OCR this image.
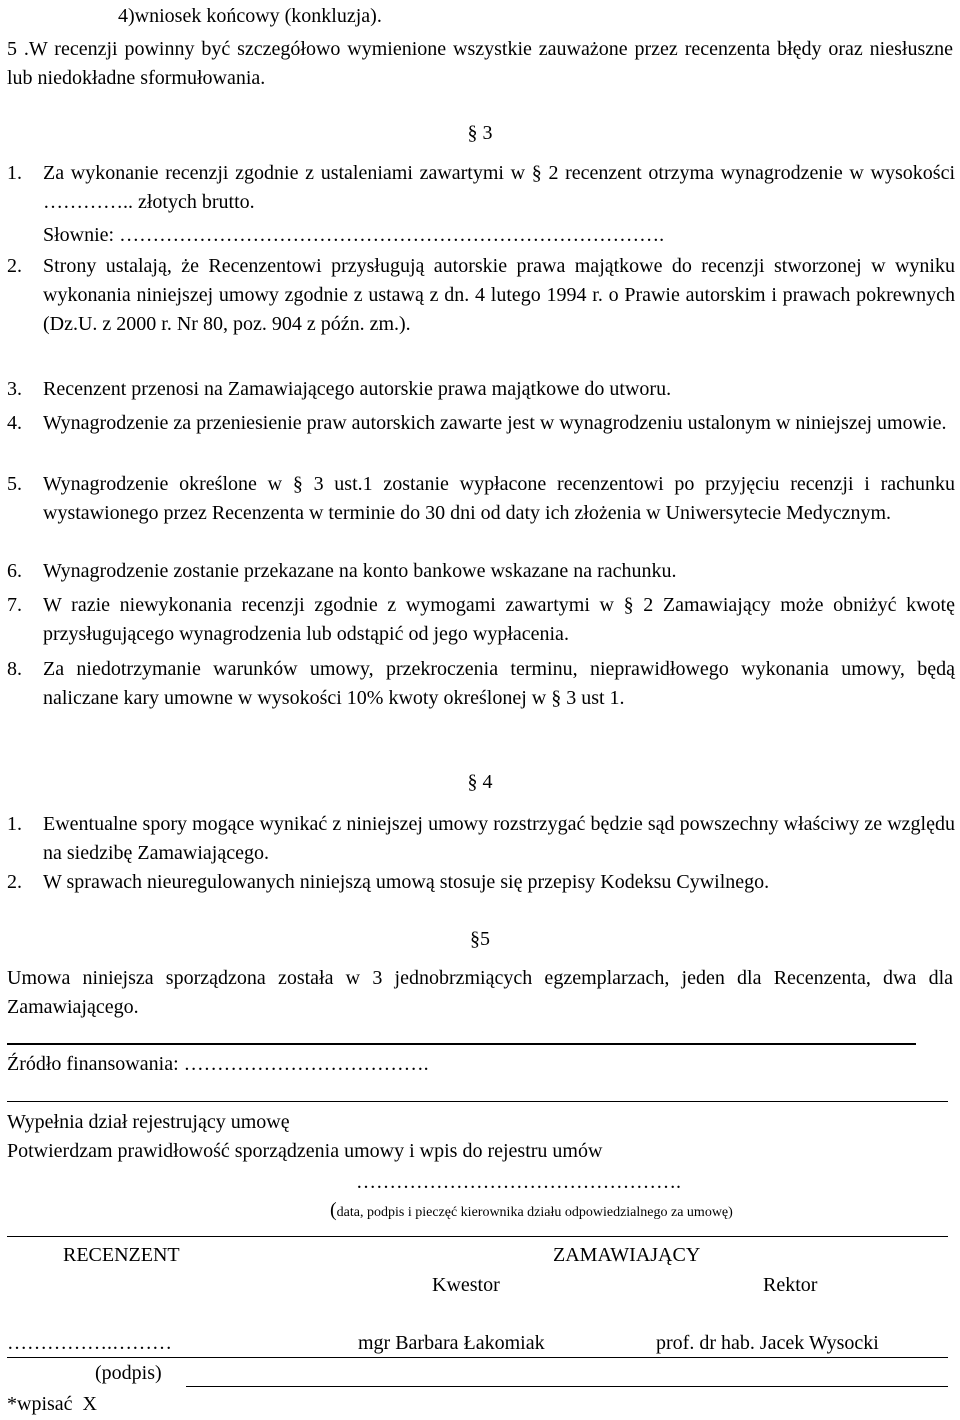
4)wniosek końcowy (konkluzja).
5 .W recenzji powinny być szczegółowo wymienione wszystkie zauważone przez recenzenta błędy oraz niesłuszne lub niedokładne sformułowania.
§ 3
1. Za wykonanie recenzji zgodnie z ustaleniami zawartymi w § 2 recenzent otrzyma wynagrodzenie w wysokości ………….. złotych brutto.
Słownie: ……………………………………………………………………….
2. Strony ustalają, że Recenzentowi przysługują autorskie prawa majątkowe do recenzji stworzonej w wyniku wykonania niniejszej umowy zgodnie z ustawą z dn. 4 lutego 1994 r. o Prawie autorskim i prawach pokrewnych (Dz.U. z 2000 r. Nr 80, poz. 904 z późn. zm.).
3. Recenzent przenosi na Zamawiającego autorskie prawa majątkowe do utworu.
4. Wynagrodzenie za przeniesienie praw autorskich zawarte jest w wynagrodzeniu ustalonym w niniejszej umowie.
5. Wynagrodzenie określone w § 3 ust.1 zostanie wypłacone recenzentowi po przyjęciu recenzji i rachunku wystawionego przez Recenzenta w terminie do 30 dni od daty ich złożenia w Uniwersytecie Medycznym.
6. Wynagrodzenie zostanie przekazane na konto bankowe wskazane na rachunku.
7. W razie niewykonania recenzji zgodnie z wymogami zawartymi w § 2 Zamawiający może obniżyć kwotę przysługującego wynagrodzenia lub odstąpić od jego wypłacenia.
8. Za niedotrzymanie warunków umowy, przekroczenia terminu, nieprawidłowego wykonania umowy, będą naliczane kary umowne w wysokości 10% kwoty określonej w § 3 ust 1.
§ 4
1. Ewentualne spory mogące wynikać z niniejszej umowy rozstrzygać będzie sąd powszechny właściwy ze względu na siedzibę Zamawiającego.
2. W sprawach nieuregulowanych niniejszą umową stosuje się przepisy Kodeksu Cywilnego.
§5
Umowa niniejsza sporządzona została w 3 jednobrzmiących egzemplarzach, jeden dla Recenzenta, dwa dla Zamawiającego.
Źródło finansowania: ……………………………….
Wypełnia dział rejestrujący umowę
Potwierdzam prawidłowość sporządzenia umowy i wpis do rejestru umów
………………………………………….
(data, podpis i pieczęć kierownika działu odpowiedzialnego za umowę)
RECENZENT	ZAMAWIAJĄCY
Kwestor	Rektor
…………….………	mgr Barbara Łakomiak	prof. dr hab. Jacek Wysocki
(podpis)
*wpisać  X
